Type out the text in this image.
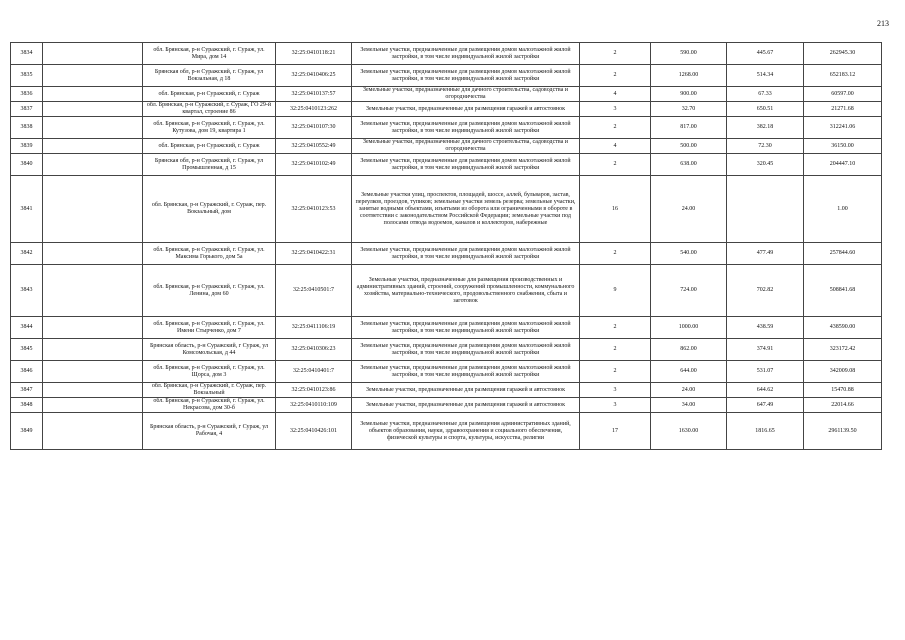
213
3834		обл. Брянская, р-н Суражский, г. Сураж, ул. Мира, дом 14	32:25:0410118:21	Земельные участки, предназначенные для размещения домов малоэтажной жилой застройки, в том числе индивидуальной жилой застройки	2	590.00	445.67	262945.30
3835		Брянская обл, р-н Суражский, г. Сураж, ул Вокзальная, д 18	32:25:0410406:25	Земельные участки, предназначенные для размещения домов малоэтажной жилой застройки, в том числе индивидуальной жилой застройки	2	1268.00	514.34	652183.12
3836		обл. Брянская, р-н Суражский, г. Сураж	32:25:0410137:57	Земельные участки, предназначенные для дачного строительства, садоводства и огородничества	4	900.00	67.33	60597.00
3837		обл. Брянская, р-н Суражский, г. Сураж, ГО 29-й квартал, строение 86	32:25:0410123:262	Земельные участки, предназначенные для размещения гаражей и автостоянок	3	32.70	650.51	21271.68
3838		обл. Брянская, р-н Суражский, г. Сураж, ул. Кутузова, дом 19, квартира 1	32:25:0410107:30	Земельные участки, предназначенные для размещения домов малоэтажной жилой застройки, в том числе индивидуальной жилой застройки	2	817.00	382.18	312241.06
3839		обл. Брянская, р-н Суражский, г. Сураж	32:25:0410552:49	Земельные участки, предназначенные для дачного строительства, садоводства и огородничества	4	500.00	72.30	36150.00
3840		Брянская обл, р-н Суражский, г. Сураж, ул Промышленная, д 15	32:25:0410102:49	Земельные участки, предназначенные для размещения домов малоэтажной жилой застройки, в том числе индивидуальной жилой застройки	2	638.00	320.45	204447.10
3841		обл. Брянская, р-н Суражский, г. Сураж, пер. Вокзальный, дом	32:25:0410123:53	Земельные участки улиц, проспектов, площадей, шоссе, аллей, бульваров, застав, переулков, проездов, тупиков; земельные участки земель резерва; земельные участки, занятые водными объектами, изъятыми из оборота или ограниченными в обороте в соответствии с законодательством Российской Федерации; земельные участки под полосами отвода водоемов, каналов и коллекторов, набережные	16	24.00		1.00
3842		обл. Брянская, р-н Суражский, г. Сураж, ул. Максима Горького, дом 5а	32:25:0410422:31	Земельные участки, предназначенные для размещения домов малоэтажной жилой застройки, в том числе индивидуальной жилой застройки	2	540.00	477.49	257844.60
3843		обл. Брянская, р-н Суражский, г. Сураж, ул. Ленина, дом 60	32:25:0410501:7	Земельные участки, предназначенные для размещения производственных и административных зданий, строений, сооружений промышленности, коммунального хозяйства, материально-технического, продовольственного снабжения, сбыта и заготовок	9	724.00	702.82	508841.68
3844		обл. Брянская, р-н Суражский, г. Сураж, ул. Имени Стырченко, дом 7	32:25:0411106:19	Земельные участки, предназначенные для размещения домов малоэтажной жилой застройки, в том числе индивидуальной жилой застройки	2	1000.00	438.59	438590.00
3845		Брянская область, р-н Суражский, г Сураж, ул Комсомольская, д 44	32:25:0410306:23	Земельные участки, предназначенные для размещения домов малоэтажной жилой застройки, в том числе индивидуальной жилой застройки	2	862.00	374.91	323172.42
3846		обл. Брянская, р-н Суражский, г. Сураж, ул. Щорса, дом 3	32:25:0410401:7	Земельные участки, предназначенные для размещения домов малоэтажной жилой застройки, в том числе индивидуальной жилой застройки	2	644.00	531.07	342009.08
3847		обл. Брянская, р-н Суражский, г. Сураж, пер. Вокзальный	32:25:0410123:86	Земельные участки, предназначенные для размещения гаражей и автостоянок	3	24.00	644.62	15470.88
3848		обл. Брянская, р-н Суражский, г. Сураж, ул. Некрасова, дом 30-б	32:25:0410110:109	Земельные участки, предназначенные для размещения гаражей и автостоянок	3	34.00	647.49	22014.66
3849		Брянская область, р-н Суражский, г Сураж, ул Рабочая, 4	32:25:0410426:101	Земельные участки, предназначенные для размещения административных зданий, объектов образования, науки, здравоохранения и социального обеспечения, физической культуры и спорта, культуры, искусства, религии	17	1630.00	1816.65	2961139.50
